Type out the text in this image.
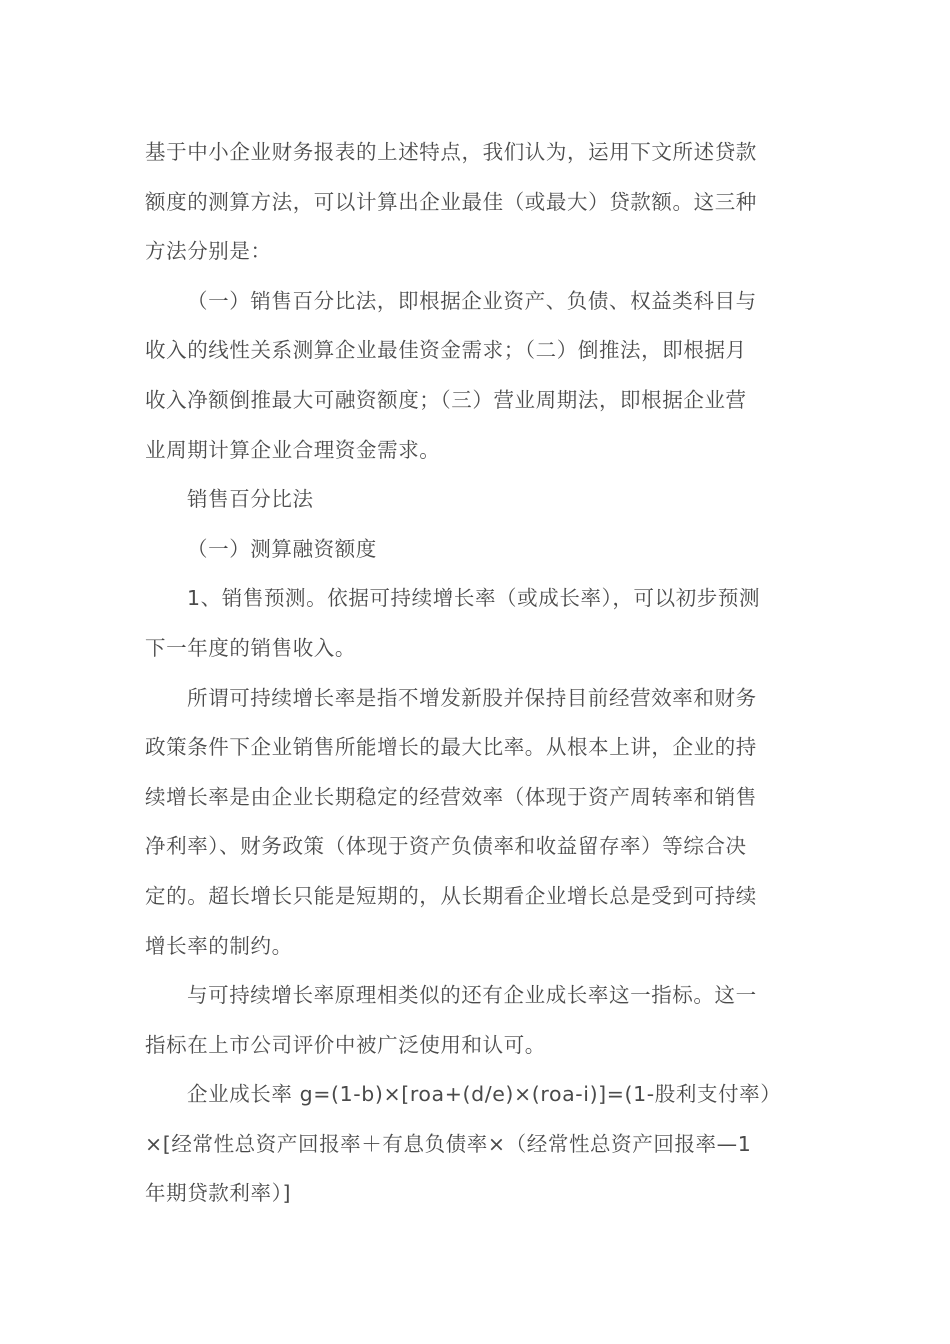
基于中小企业财务报表的上述特点，我们认为，运用下文所述贷款

额度的测算方法，可以计算出企业最佳（或最大）贷款额。这三种

方法分别是：

（一）销售百分比法，即根据企业资产、负债、权益类科目与

收入的线性关系测算企业最佳资金需求；（二）倒推法，即根据月

收入净额倒推最大可融资额度；（三）营业周期法，即根据企业营

业周期计算企业合理资金需求。

销售百分比法

（一）测算融资额度

1、销售预测。依据可持续增长率（或成长率），可以初步预测

下一年度的销售收入。

所谓可持续增长率是指不增发新股并保持目前经营效率和财务

政策条件下企业销售所能增长的最大比率。从根本上讲，企业的持

续增长率是由企业长期稳定的经营效率（体现于资产周转率和销售

净利率）、财务政策（体现于资产负债率和收益留存率）等综合决

定的。超长增长只能是短期的，从长期看企业增长总是受到可持续

增长率的制约。

与可持续增长率原理相类似的还有企业成长率这一指标。这一

指标在上市公司评价中被广泛使用和认可。

企业成长率 g=(1-b)×[roa+(d/e)×(roa-i)]=(1-股利支付率）

×[经常性总资产回报率＋有息负债率×（经常性总资产回报率—1

年期贷款利率）]
